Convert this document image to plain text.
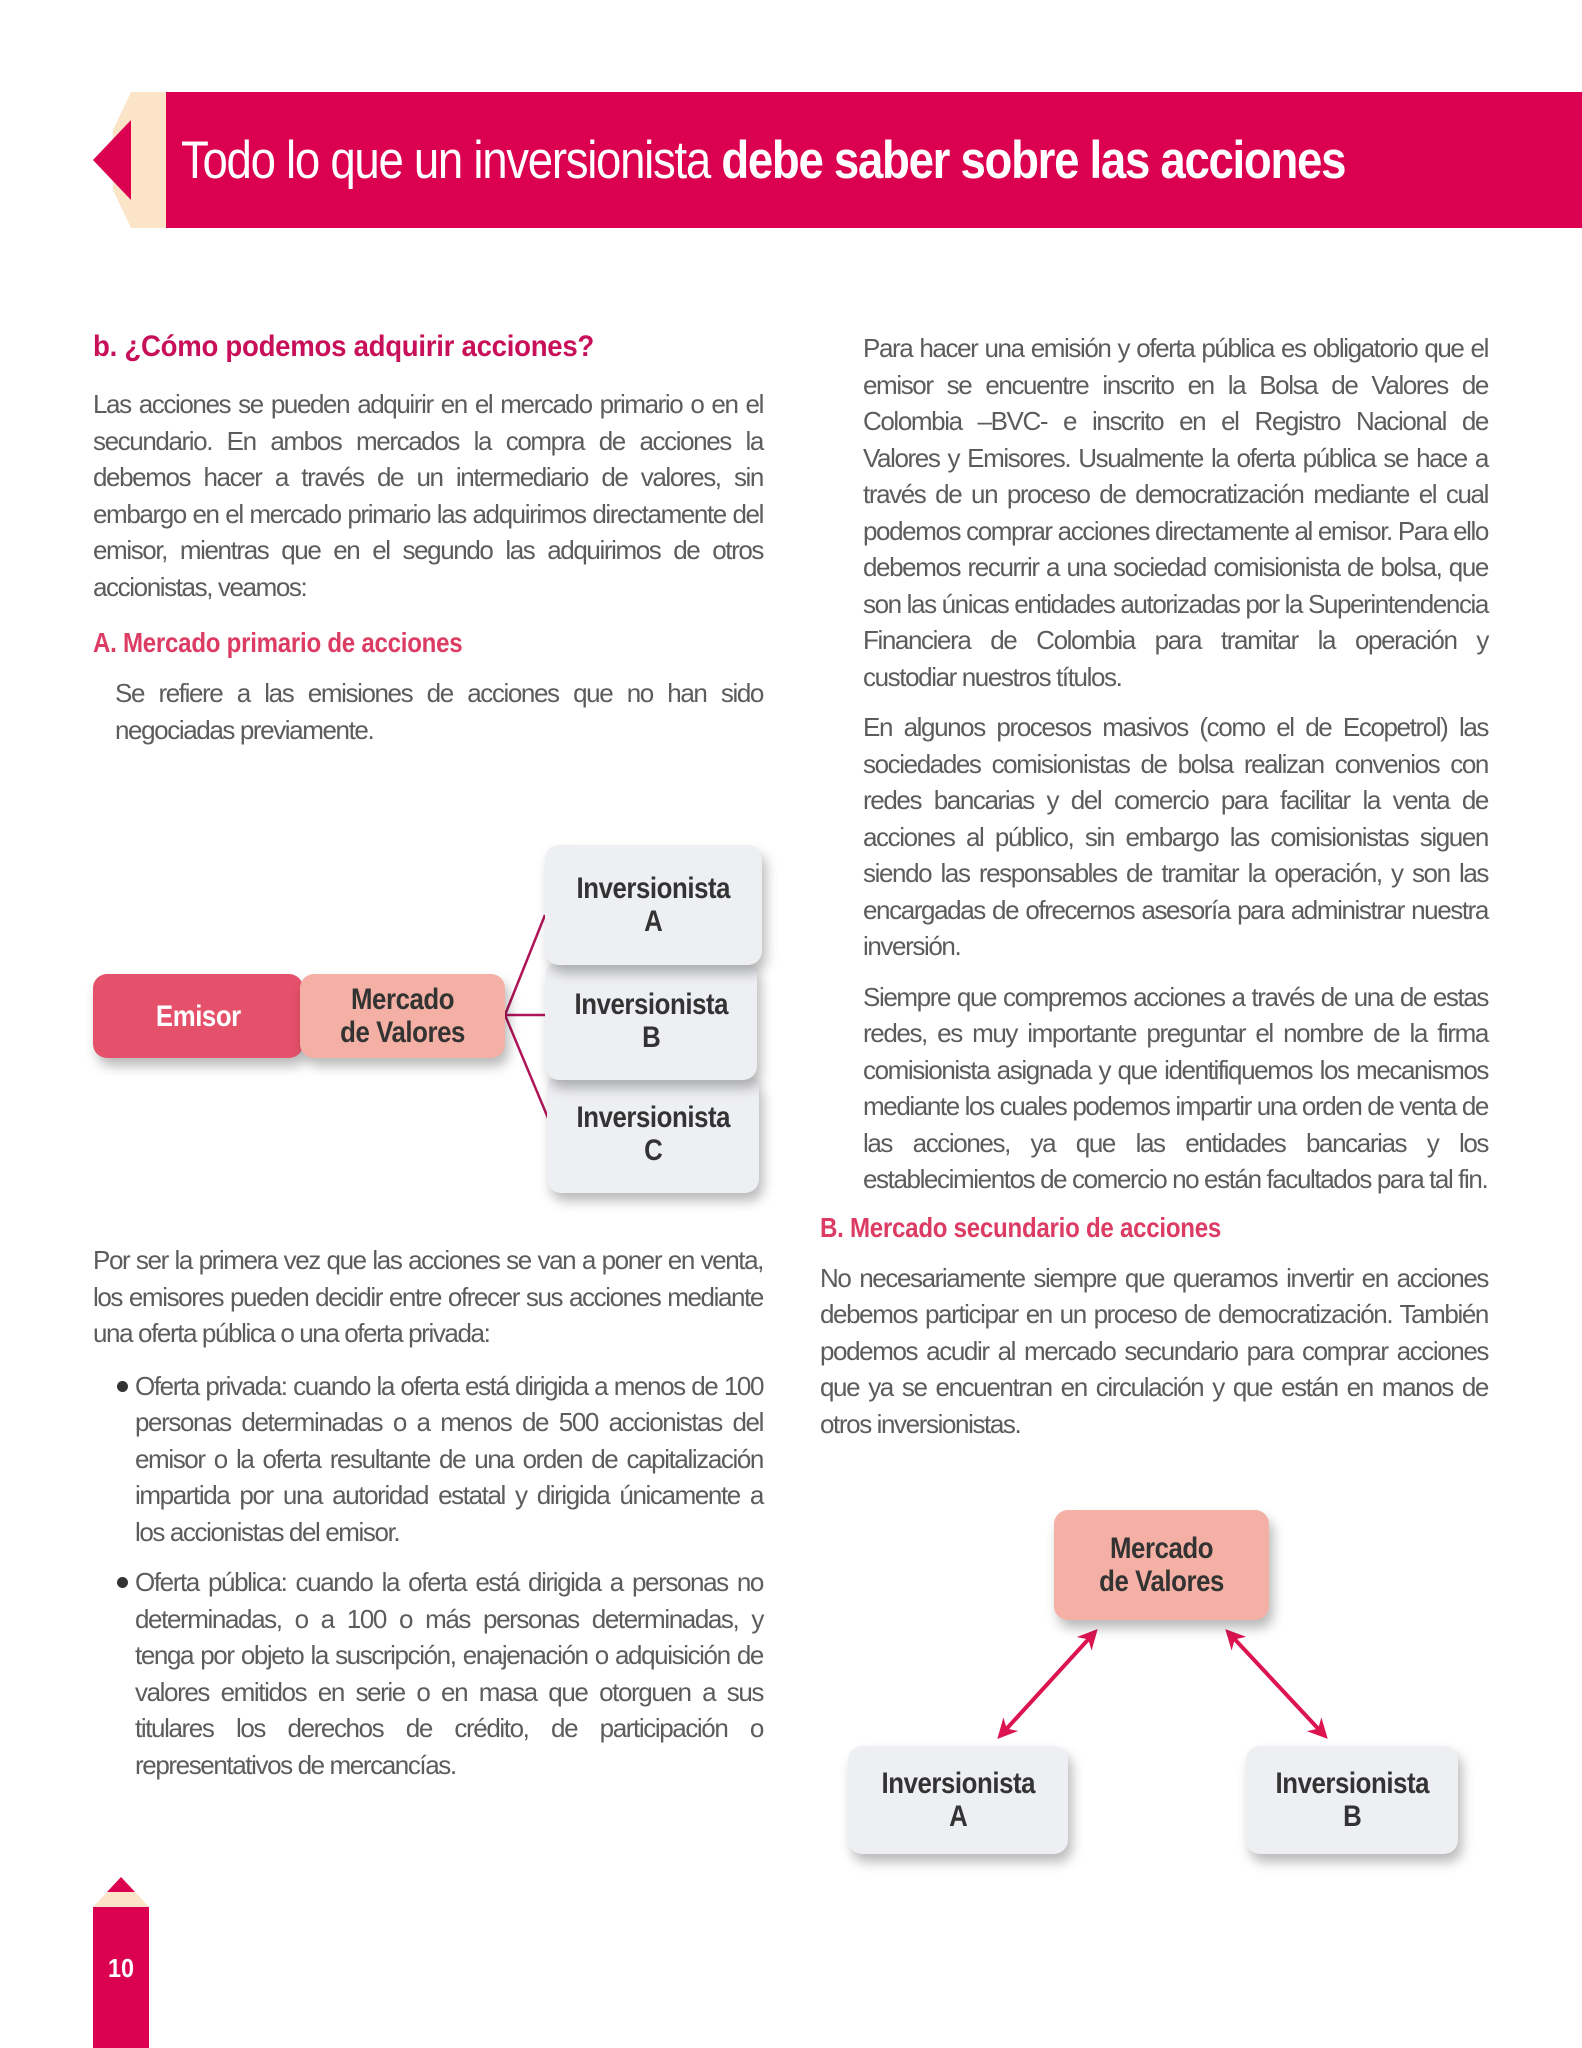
Todo lo que un inversionista debe saber sobre las acciones
b. ¿Cómo podemos adquirir acciones?

Las acciones se pueden adquirir en el mercado primario o en el secundario. En ambos mercados la compra de acciones la debemos hacer a través de un intermediario de valores, sin embargo en el mercado primario las adquirimos directamente del emisor, mientras que en el segundo las adquirimos de otros accionistas, veamos:

A. Mercado primario de acciones

Se refiere a las emisiones de acciones que no han sido negociadas previamente.

Por ser la primera vez que las acciones se van a poner en venta, los emisores pueden decidir entre ofrecer sus acciones mediante una oferta pública o una oferta privada:

Oferta privada: cuando la oferta está dirigida a menos de 100 personas determinadas o a menos de 500 accionistas del emisor o la oferta resultante de una orden de capitalización impartida por una autoridad estatal y dirigida únicamente a los accionistas del emisor.

Oferta pública: cuando la oferta está dirigida a personas no determinadas, o a 100 o más personas determinadas, y tenga por objeto la suscripción, enajenación o adquisición de valores emitidos en serie o en masa que otorguen a sus titulares los derechos de crédito, de participación o representativos de mercancías.

Emisor	Mercado
de Valores
Inversionista
C
Inversionista
B
Inversionista
A

Para hacer una emisión y oferta pública es obligatorio que el emisor se encuentre inscrito en la Bolsa de Valores de Colombia –BVC- e inscrito en el Registro Nacional de Valores y Emisores. Usualmente la oferta pública se hace a través de un proceso de democratización mediante el cual podemos comprar acciones directamente al emisor. Para ello debemos recurrir a una sociedad comisionista de bolsa, que son las únicas entidades autorizadas por la Superintendencia Financiera de Colombia para tramitar la operación y custodiar nuestros títulos.

En algunos procesos masivos (como el de Ecopetrol) las sociedades comisionistas de bolsa realizan convenios con redes bancarias y del comercio para facilitar la venta de acciones al público, sin embargo las comisionistas siguen siendo las responsables de tramitar la operación, y son las encargadas de ofrecernos asesoría para administrar nuestra inversión.

Siempre que compremos acciones a través de una de estas redes, es muy importante preguntar el nombre de la firma comisionista asignada y que identifiquemos los mecanismos mediante los cuales podemos impartir una orden de venta de las acciones, ya que las entidades bancarias y los establecimientos de comercio no están facultados para tal fin.

B. Mercado secundario de acciones

No necesariamente siempre que queramos invertir en acciones debemos participar en un proceso de democratización. También podemos acudir al mercado secundario para comprar acciones que ya se encuentran en circulación y que están en manos de otros inversionistas.

Mercado
de Valores
Inversionista
A
Inversionista
B
10
